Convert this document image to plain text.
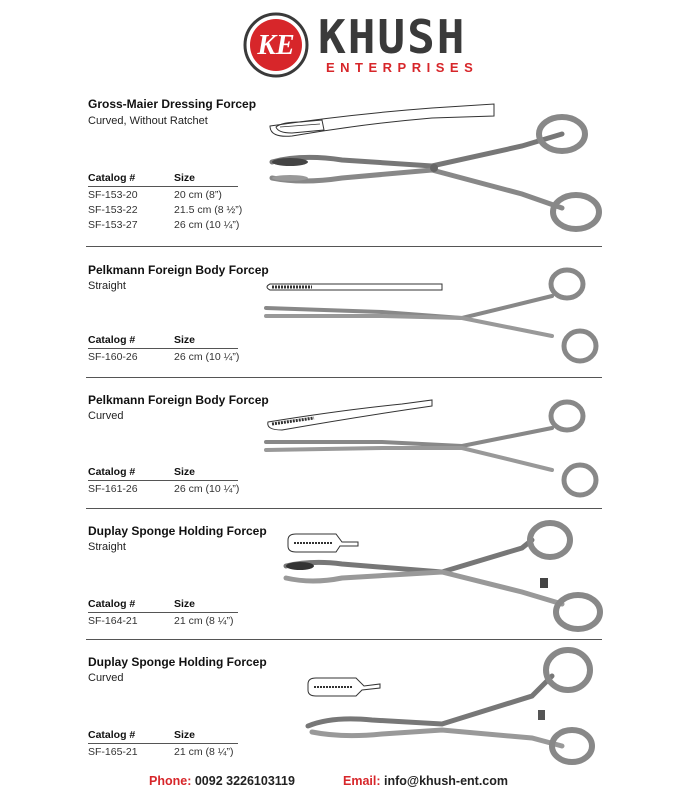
KE KHUSH
ENTERPRISES
Gross-Maier Dressing Forcep
Curved, Without Ratchet
Catalog #	Size
SF-153-20	20 cm (8”)
SF-153-22	21.5 cm (8 ½”)
SF-153-27	26 cm (10 ¼”)
Pelkmann Foreign Body Forcep
Straight
Catalog #	Size
SF-160-26	26 cm (10 ¼”)
Pelkmann Foreign Body Forcep
Curved
Catalog #	Size
SF-161-26	26 cm (10 ¼”)
Duplay Sponge Holding Forcep
Straight
Catalog #	Size
SF-164-21	21 cm (8 ¼”)
Duplay Sponge Holding Forcep
Curved
Catalog #	Size
SF-165-21	21 cm (8 ¼”)
Phone: 0092 3226103119	Email: info@khush-ent.com
